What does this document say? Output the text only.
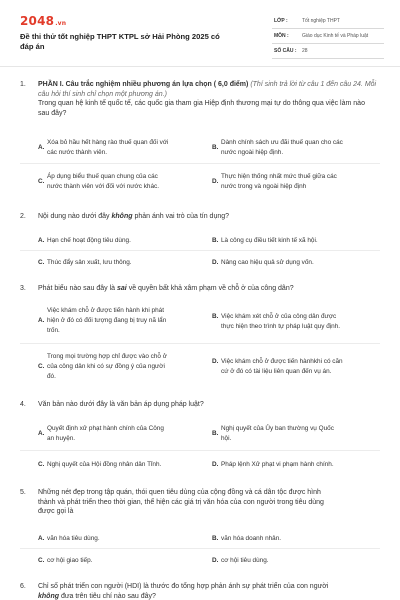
2048.vn
Đề thi thử tốt nghiệp THPT KTPL sở Hải Phòng 2025 có đáp án
LỚP :	Tốt nghiệp THPT
MÔN :	Giáo dục Kinh tế và Pháp luật
SỐ CÂU : 28
1. PHẦN I. Câu trắc nghiệm nhiều phương án lựa chọn ( 6,0 điểm) (Thí sinh trả lời từ câu 1 đến câu 24. Mỗi câu hỏi thí sinh chỉ chọn một phương án.)
Trong quan hệ kinh tế quốc tế, các quốc gia tham gia Hiệp định thương mại tự do thông qua việc làm nào sau đây?
A.
Xóa bỏ hầu hết hàng rào thuế quan đối với
các nước thành viên.
B.
Dành chính sách ưu đãi thuế quan cho các
nước ngoài hiệp định.
C.
Áp dụng biểu thuế quan chung của các
nước thành viên với đối với nước khác.
D.
Thực hiện thống nhất mức thuế giữa các
nước trong và ngoài hiệp định
2. Nội dung nào dưới đây không phản ánh vai trò của tín dụng?
A. Hạn chế hoạt động tiêu dùng.	B. Là công cụ điều tiết kinh tế xã hội.
C. Thúc đẩy sản xuất, lưu thông.	D. Nâng cao hiệu quả sử dụng vốn.
3. Phát biểu nào sau đây là sai về quyền bất khả xâm phạm về chỗ ở của công dân?
A.
Việc khám chỗ ở được tiến hành khi phát
hiện ở đó có đối tượng đang bị truy nã lẩn
trốn.
B. Việc khám xét chỗ ở của công dân được
thực hiện theo trình tự pháp luật quy định.
C.
Trong mọi trường hợp chỉ được vào chỗ ở
của công dân khi có sự đồng ý của người
đó.
D. Việc khám chỗ ở được tiến hànhkhi có căn
cứ ở đó có tài liệu liên quan đến vụ án.
4. Văn bản nào dưới đây là văn bản áp dụng pháp luật?
A.
Quyết định xử phạt hành chính của Công
an huyện.
B.
Nghị quyết của Ủy ban thường vụ Quốc
hội.
C. Nghị quyết của Hội đồng nhân dân Tỉnh.	D. Pháp lệnh Xử phạt vi phạm hành chính.
5. Những nét đẹp trong tập quán, thói quen tiêu dùng của cộng đồng và cá dân tộc được hình
thành và phát triển theo thời gian, thể hiện các giá trị văn hóa của con người trong tiêu dùng
được gọi là
A. văn hóa tiêu dùng.	B. văn hóa doanh nhân.
C. cơ hội giao tiếp.	D. cơ hội tiêu dùng.
6. Chỉ số phát triển con người (HDI) là thước đo tổng hợp phản ánh sự phát triển của con người
không đưa trên tiêu chí nào sau đây?
